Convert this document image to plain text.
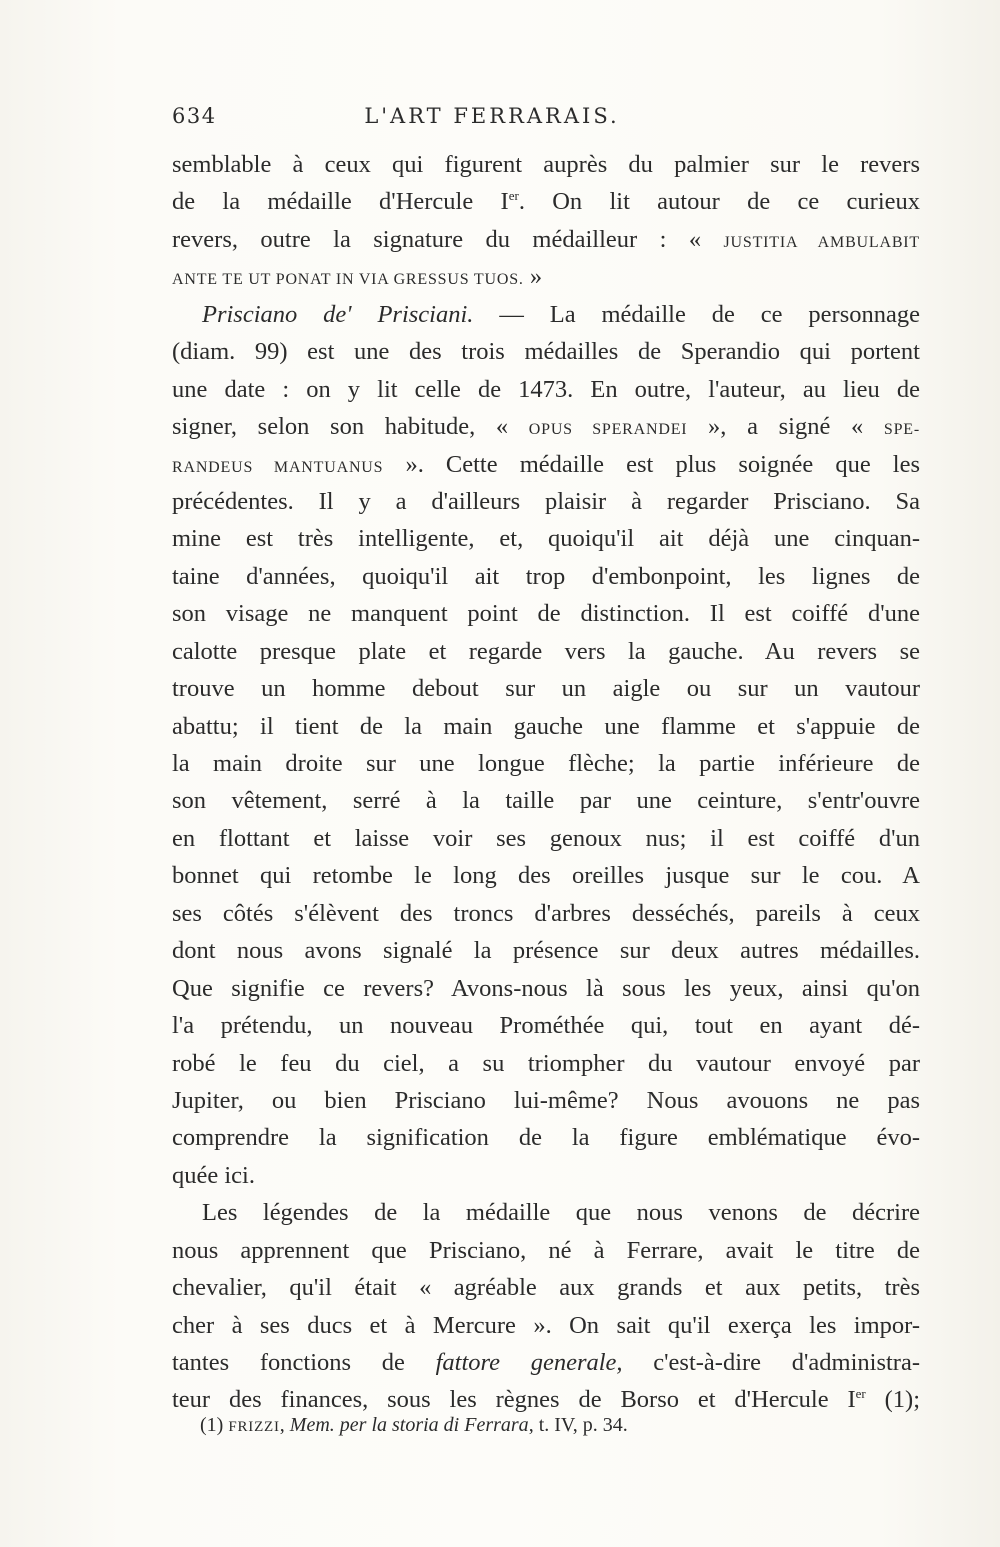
634	L'ART FERRARAIS.
semblable à ceux qui figurent auprès du palmier sur le revers
de la médaille d'Hercule Ier. On lit autour de ce curieux
revers, outre la signature du médailleur : « JUSTITIA AMBULABIT
ANTE TE UT PONAT IN VIA GRESSUS TUOS. »
Prisciano de' Prisciani. — La médaille de ce personnage
(diam. 99) est une des trois médailles de Sperandio qui portent
une date : on y lit celle de 1473. En outre, l'auteur, au lieu de
signer, selon son habitude, « OPUS SPERANDEI », a signé « SPE-
RANDEUS MANTUANUS ». Cette médaille est plus soignée que les
précédentes. Il y a d'ailleurs plaisir à regarder Prisciano. Sa
mine est très intelligente, et, quoiqu'il ait déjà une cinquan-
taine d'années, quoiqu'il ait trop d'embonpoint, les lignes de
son visage ne manquent point de distinction. Il est coiffé d'une
calotte presque plate et regarde vers la gauche. Au revers se
trouve un homme debout sur un aigle ou sur un vautour
abattu; il tient de la main gauche une flamme et s'appuie de
la main droite sur une longue flèche; la partie inférieure de
son vêtement, serré à la taille par une ceinture, s'entr'ouvre
en flottant et laisse voir ses genoux nus; il est coiffé d'un
bonnet qui retombe le long des oreilles jusque sur le cou. A
ses côtés s'élèvent des troncs d'arbres desséchés, pareils à ceux
dont nous avons signalé la présence sur deux autres médailles.
Que signifie ce revers? Avons-nous là sous les yeux, ainsi qu'on
l'a prétendu, un nouveau Prométhée qui, tout en ayant dé-
robé le feu du ciel, a su triompher du vautour envoyé par
Jupiter, ou bien Prisciano lui-même? Nous avouons ne pas
comprendre la signification de la figure emblématique évo-
quée ici.
Les légendes de la médaille que nous venons de décrire
nous apprennent que Prisciano, né à Ferrare, avait le titre de
chevalier, qu'il était « agréable aux grands et aux petits, très
cher à ses ducs et à Mercure ». On sait qu'il exerça les impor-
tantes fonctions de fattore generale, c'est-à-dire d'administra-
teur des finances, sous les règnes de Borso et d'Hercule Ier (1);
(1) FRIZZI, Mem. per la storia di Ferrara, t. IV, p. 34.
